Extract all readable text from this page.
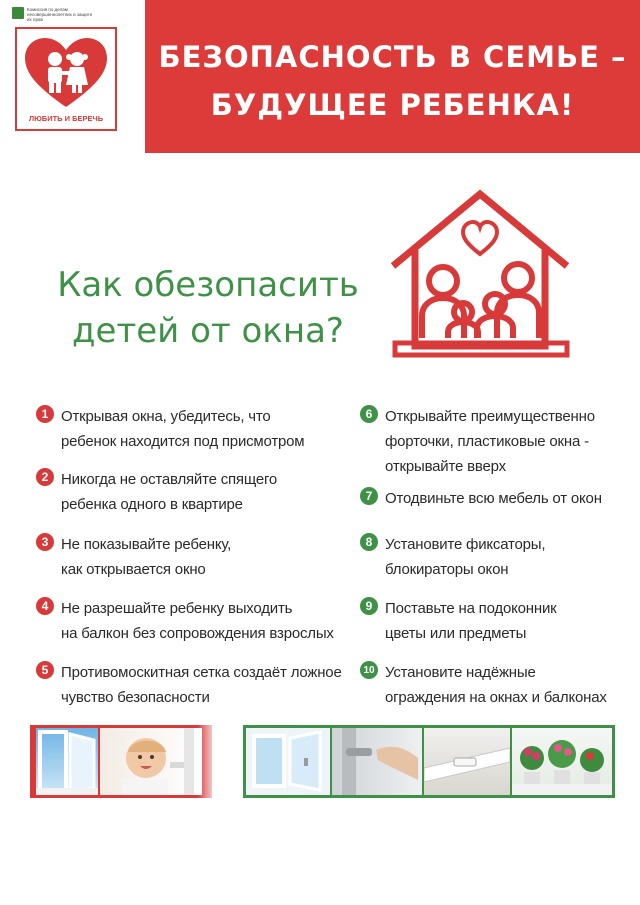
Комиссия по делам несовершеннолетних и защите их прав
ЛЮБИТЬ И БЕРЕЧЬ
БЕЗОПАСНОСТЬ В СЕМЬЕ –
БУДУЩЕЕ РЕБЕНКА!
Как обезопасить
детей от окна?
1 Открывая окна, убедитесь, что
ребенок находится под присмотром
2 Никогда не оставляйте спящего
ребенка одного в квартире
3 Не показывайте ребенку,
как открывается окно
4 Не разрешайте ребенку выходить
на балкон без сопровождения взрослых
5 Противомоскитная сетка создаёт ложное
чувство безопасности
6 Открывайте преимущественно
форточки, пластиковые окна -
открывайте вверх
7 Отодвиньте всю мебель от окон
8 Установите фиксаторы,
блокираторы окон
9 Поставьте на подоконник
цветы или предметы
10 Установите надёжные
ограждения на окнах и балконах
